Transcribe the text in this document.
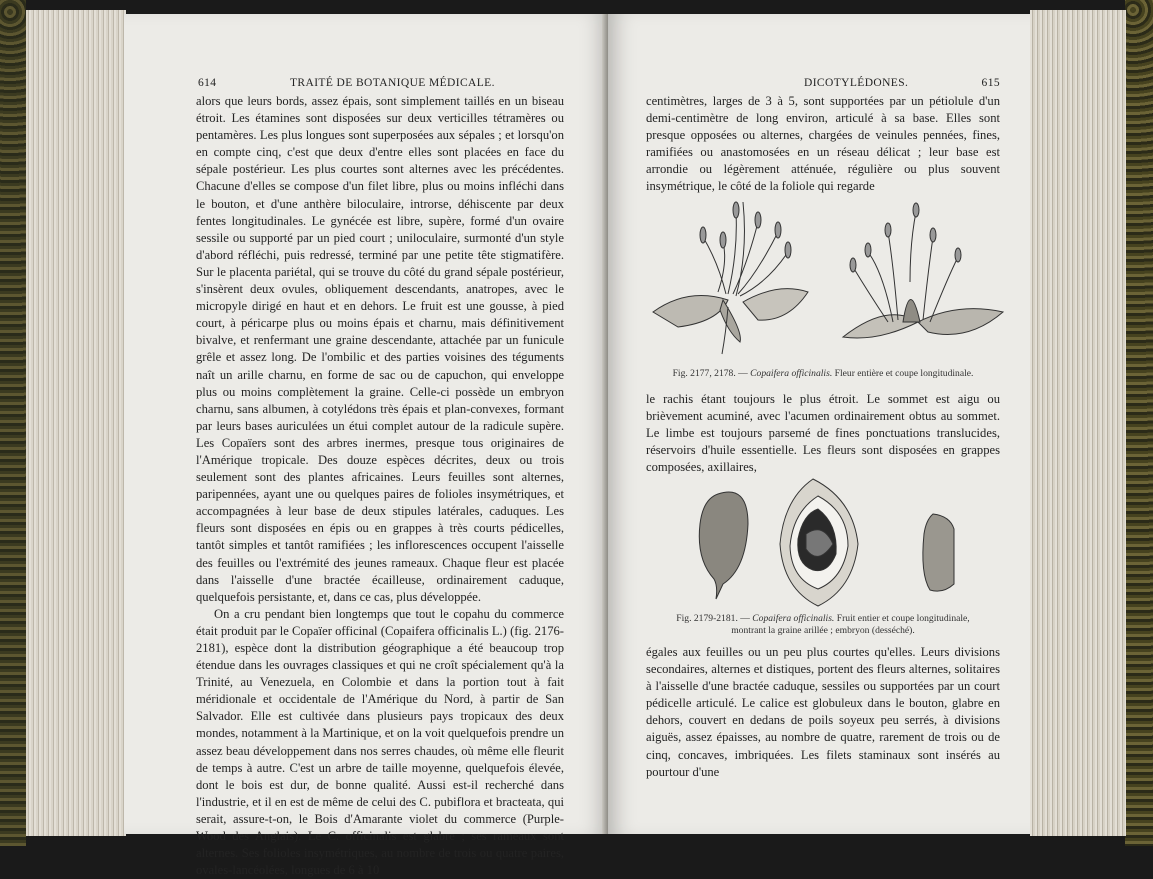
614	TRAITÉ DE BOTANIQUE MÉDICALE.

alors que leurs bords, assez épais, sont simplement taillés en un biseau étroit. Les étamines sont disposées sur deux verticilles tétramères ou pentamères. Les plus longues sont superposées aux sépales ; et lorsqu'on en compte cinq, c'est que deux d'entre elles sont placées en face du sépale postérieur. Les plus courtes sont alternes avec les précédentes. Chacune d'elles se compose d'un filet libre, plus ou moins infléchi dans le bouton, et d'une anthère biloculaire, introrse, déhiscente par deux fentes longitudinales. Le gynécée est libre, supère, formé d'un ovaire sessile ou supporté par un pied court ; uniloculaire, surmonté d'un style d'abord réfléchi, puis redressé, terminé par une petite tête stigmatifère. Sur le placenta pariétal, qui se trouve du côté du grand sépale postérieur, s'insèrent deux ovules, obliquement descendants, anatropes, avec le micropyle dirigé en haut et en dehors. Le fruit est une gousse, à pied court, à péricarpe plus ou moins épais et charnu, mais définitivement bivalve, et renfermant une graine descendante, attachée par un funicule grêle et assez long. De l'ombilic et des parties voisines des téguments naît un arille charnu, en forme de sac ou de capuchon, qui enveloppe plus ou moins complètement la graine. Celle-ci possède un embryon charnu, sans albumen, à cotylédons très épais et plan-convexes, formant par leurs bases auriculées un étui complet autour de la radicule supère. Les Copaïers sont des arbres inermes, presque tous originaires de l'Amérique tropicale. Des douze espèces décrites, deux ou trois seulement sont des plantes africaines. Leurs feuilles sont alternes, paripennées, ayant une ou quelques paires de folioles insymétriques, et accompagnées à leur base de deux stipules latérales, caduques. Les fleurs sont disposées en épis ou en grappes à très courts pédicelles, tantôt simples et tantôt ramifiées ; les inflorescences occupent l'aisselle des feuilles ou l'extrémité des jeunes rameaux. Chaque fleur est placée dans l'aisselle d'une bractée écailleuse, ordinairement caduque, quelquefois persistante, et, dans ce cas, plus développée.

On a cru pendant bien longtemps que tout le copahu du commerce était produit par le Copaïer officinal (Copaifera officinalis L.) (fig. 2176-2181), espèce dont la distribution géographique a été beaucoup trop étendue dans les ouvrages classiques et qui ne croît spécialement qu'à la Trinité, au Venezuela, en Colombie et dans la portion tout à fait méridionale et occidentale de l'Amérique du Nord, à partir de San Salvador. Elle est cultivée dans plusieurs pays tropicaux des deux mondes, notamment à la Martinique, et on la voit quelquefois prendre un assez beau développement dans nos serres chaudes, où même elle fleurit de temps à autre. C'est un arbre de taille moyenne, quelquefois élevée, dont le bois est dur, de bonne qualité. Aussi est-il recherché dans l'industrie, et il en est de même de celui des C. pubiflora et bracteata, qui serait, assure-t-on, le Bois d'Amarante violet du commerce (Purple-Wood des Anglais). Le C. officinalis est glabre ; ses rameaux sont alternes. Ses folioles insymétriques, au nombre de trois ou quatre paires, ovales-lancéolées, longues de 6 à 10

DICOTYLÉDONES.	615

centimètres, larges de 3 à 5, sont supportées par un pétiolule d'un demi-centimètre de long environ, articulé à sa base. Elles sont presque opposées ou alternes, chargées de veinules pennées, fines, ramifiées ou anastomosées en un réseau délicat ; leur base est arrondie ou légèrement atténuée, régulière ou plus souvent insymétrique, le côté de la foliole qui regarde

Fig. 2177, 2178. — Copaifera officinalis. Fleur entière et coupe longitudinale.

le rachis étant toujours le plus étroit. Le sommet est aigu ou brièvement acuminé, avec l'acumen ordinairement obtus au sommet. Le limbe est toujours parsemé de fines ponctuations translucides, réservoirs d'huile essentielle. Les fleurs sont disposées en grappes composées, axillaires,

Fig. 2179-2181. — Copaifera officinalis. Fruit entier et coupe longitudinale,
montrant la graine arillée ; embryon (desséché).

égales aux feuilles ou un peu plus courtes qu'elles. Leurs divisions secondaires, alternes et distiques, portent des fleurs alternes, solitaires à l'aisselle d'une bractée caduque, sessiles ou supportées par un court pédicelle articulé. Le calice est globuleux dans le bouton, glabre en dehors, couvert en dedans de poils soyeux peu serrés, à divisions aiguës, assez épaisses, au nombre de quatre, rarement de trois ou de cinq, concaves, imbriquées. Les filets staminaux sont insérés au pourtour d'une
